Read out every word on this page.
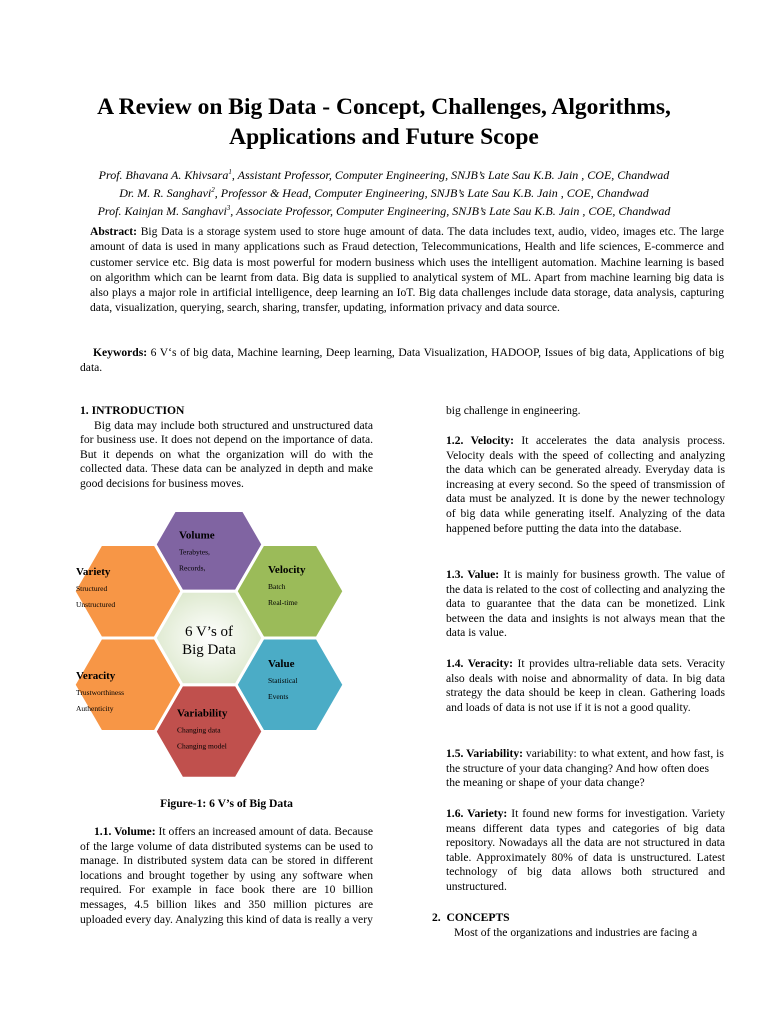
A Review on Big Data - Concept, Challenges, Algorithms,
Applications and Future Scope
Prof. Bhavana A. Khivsara$^1$, Assistant Professor, Computer Engineering, SNJB’s Late Sau K.B. Jain , COE, Chandwad
Dr. M. R. Sanghavi$^2$, Professor & Head, Computer Engineering, SNJB’s Late Sau K.B. Jain , COE, Chandwad
Prof. Kainjan M. Sanghavi$^3$, Associate Professor, Computer Engineering, SNJB’s Late Sau K.B. Jain , COE, Chandwad
Abstract: Big Data is a storage system used to store huge amount of data. The data includes text, audio, video, images etc. The large amount of data is used in many applications such as Fraud detection, Telecommunications, Health and life sciences, E-commerce and customer service etc. Big data is most powerful for modern business which uses the intelligent automation. Machine learning is based on algorithm which can be learnt from data. Big data is supplied to analytical system of ML. Apart from machine learning big data is also plays a major role in artificial intelligence, deep learning an IoT. Big data challenges include data storage, data analysis, capturing data, visualization, querying, search, sharing, transfer, updating, information privacy and data source.
Keywords: 6 V‘s of big data, Machine learning, Deep learning, Data Visualization, HADOOP, Issues of big data, Applications of big data.
1. INTRODUCTION
Big data may include both structured and unstructured data for business use. It does not depend on the importance of data. But it depends on what the organization will do with the collected data. These data can be analyzed in depth and make good decisions for business moves.
Volume
Terabytes,
Records,	Velocity
Batch
Real-time
Value
Statistical
Events
Variability
Changing data
Changing model
Veracity
Trustworthiness
Authenticity
Variety
Structured
Unstructured
6 V’s of
Big Data
Figure-1: 6 V’s of Big Data
1.1. Volume: It offers an increased amount of data. Because of the large volume of data distributed systems can be used to manage. In distributed system data can be stored in different locations and brought together by using any software when required. For example in face book there are 10 billion messages, 4.5 billion likes and 350 million pictures are uploaded every day. Analyzing this kind of data is really a very
big challenge in engineering.
1.2. Velocity: It accelerates the data analysis process. Velocity deals with the speed of collecting and analyzing the data which can be generated already. Everyday data is increasing at every second. So the speed of transmission of data must be analyzed. It is done by the newer technology of big data while generating itself. Analyzing of the data happened before putting the data into the database.
1.3. Value: It is mainly for business growth. The value of the data is related to the cost of collecting and analyzing the data to guarantee that the data can be monetized. Link between the data and insights is not always mean that the data is value.
1.4. Veracity: It provides ultra-reliable data sets. Veracity also deals with noise and abnormality of data. In big data strategy the data should be keep in clean. Gathering loads and loads of data is not use if it is not a good quality.
1.5. Variability: variability: to what extent, and how fast, is the structure of your data changing? And how often does the meaning or shape of your data change?
1.6. Variety: It found new forms for investigation. Variety means different data types and categories of big data repository. Nowadays all the data are not structured in data table. Approximately 80% of data is unstructured. Latest technology of big data allows both structured and unstructured.
2. CONCEPTS
Most of the organizations and industries are facing a
